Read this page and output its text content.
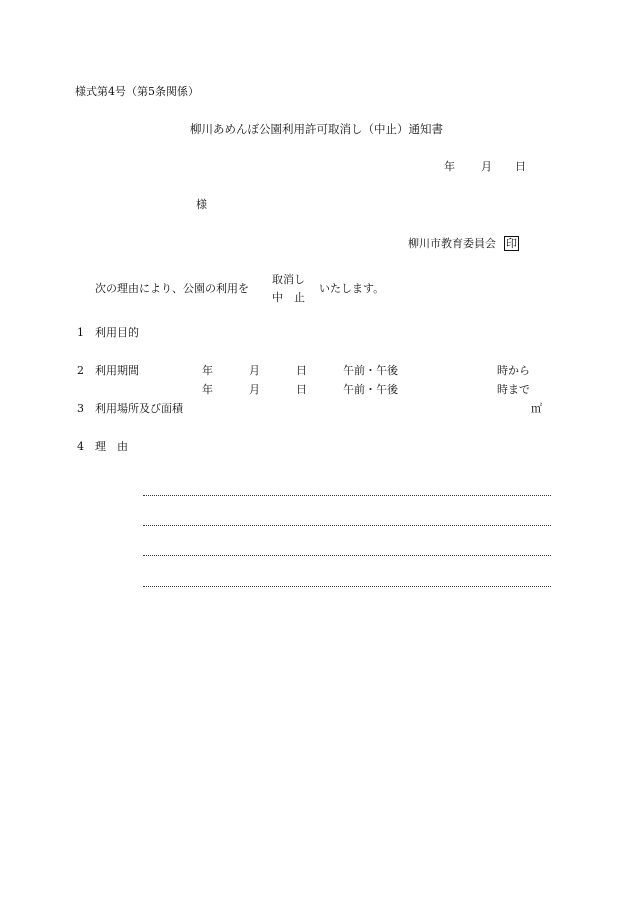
様式第4号（第5条関係）
柳川あめんぼ公園利用許可取消し（中止）通知書
年 月 日
様
柳川市教育委員会 印
次の理由により、公園の利用を
取消し
中　止
いたします。
1 利用目的
2 利用期間	年	月	日	午前・午後	時から
年	月	日	午前・午後	時まで
3 利用場所及び面積	㎡
4 理　由
